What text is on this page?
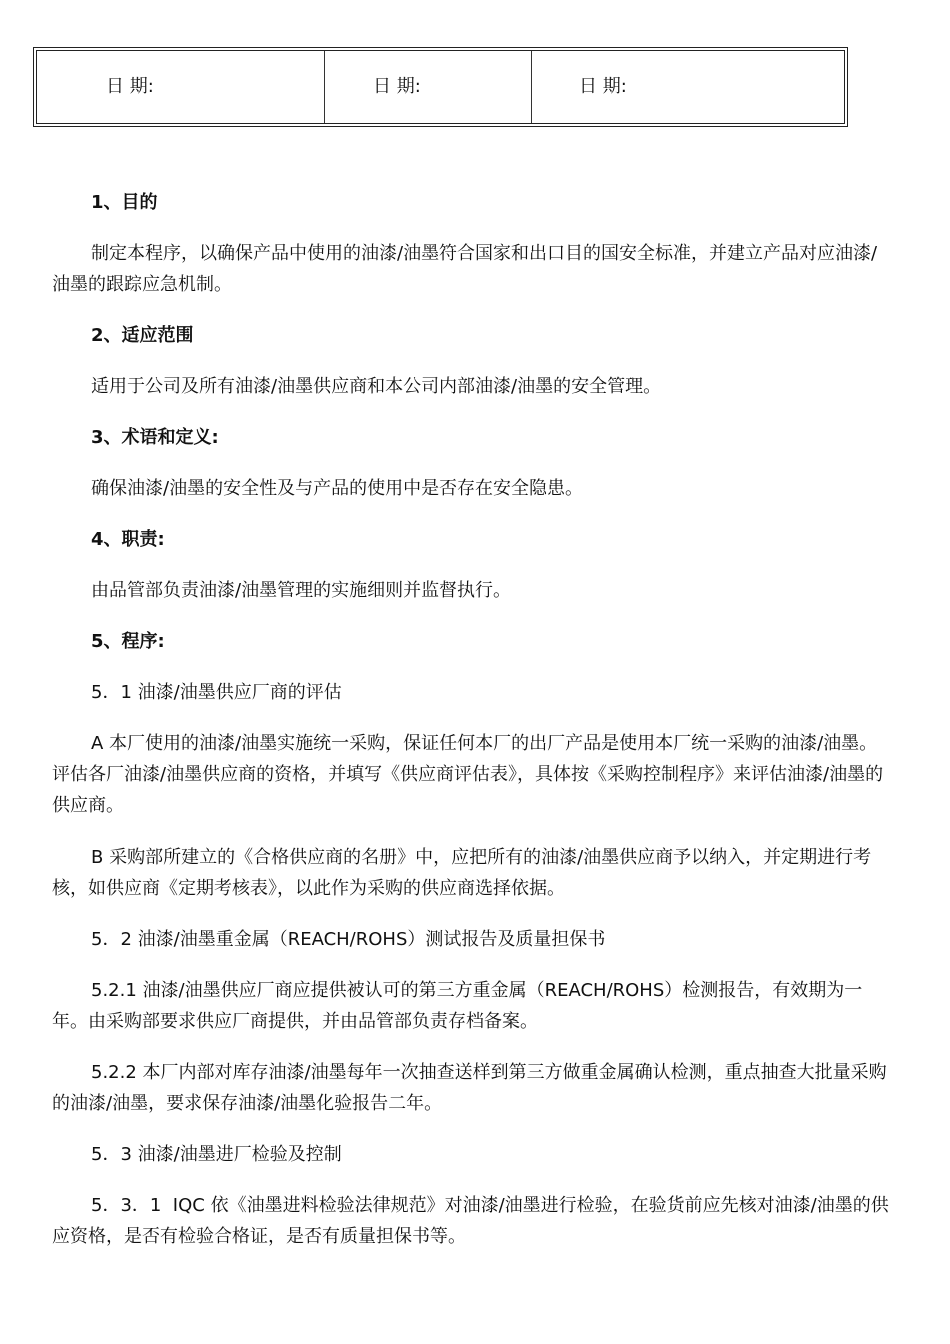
日 期:	日 期:	日 期:

1、目的

制定本程序，以确保产品中使用的油漆/油墨符合国家和出口目的国安全标准，并建立产品对应油漆/油墨的跟踪应急机制。

2、适应范围

适用于公司及所有油漆/油墨供应商和本公司内部油漆/油墨的安全管理。

3、术语和定义:

确保油漆/油墨的安全性及与产品的使用中是否存在安全隐患。

4、职责:

由品管部负责油漆/油墨管理的实施细则并监督执行。

5、程序:

5．1 油漆/油墨供应厂商的评估

A 本厂使用的油漆/油墨实施统一采购，保证任何本厂的出厂产品是使用本厂统一采购的油漆/油墨。评估各厂油漆/油墨供应商的资格，并填写《供应商评估表》，具体按《采购控制程序》来评估油漆/油墨的供应商。

B 采购部所建立的《合格供应商的名册》中，应把所有的油漆/油墨供应商予以纳入，并定期进行考核，如供应商《定期考核表》，以此作为采购的供应商选择依据。

5．2 油漆/油墨重金属（REACH/ROHS）测试报告及质量担保书

5.2.1 油漆/油墨供应厂商应提供被认可的第三方重金属（REACH/ROHS）检测报告，有效期为一年。由采购部要求供应厂商提供，并由品管部负责存档备案。

5.2.2 本厂内部对库存油漆/油墨每年一次抽查送样到第三方做重金属确认检测，重点抽查大批量采购的油漆/油墨，要求保存油漆/油墨化验报告二年。

5．3 油漆/油墨进厂检验及控制

5．3．1  IQC 依《油墨进料检验法律规范》对油漆/油墨进行检验，在验货前应先核对油漆/油墨的供应资格，是否有检验合格证，是否有质量担保书等。
